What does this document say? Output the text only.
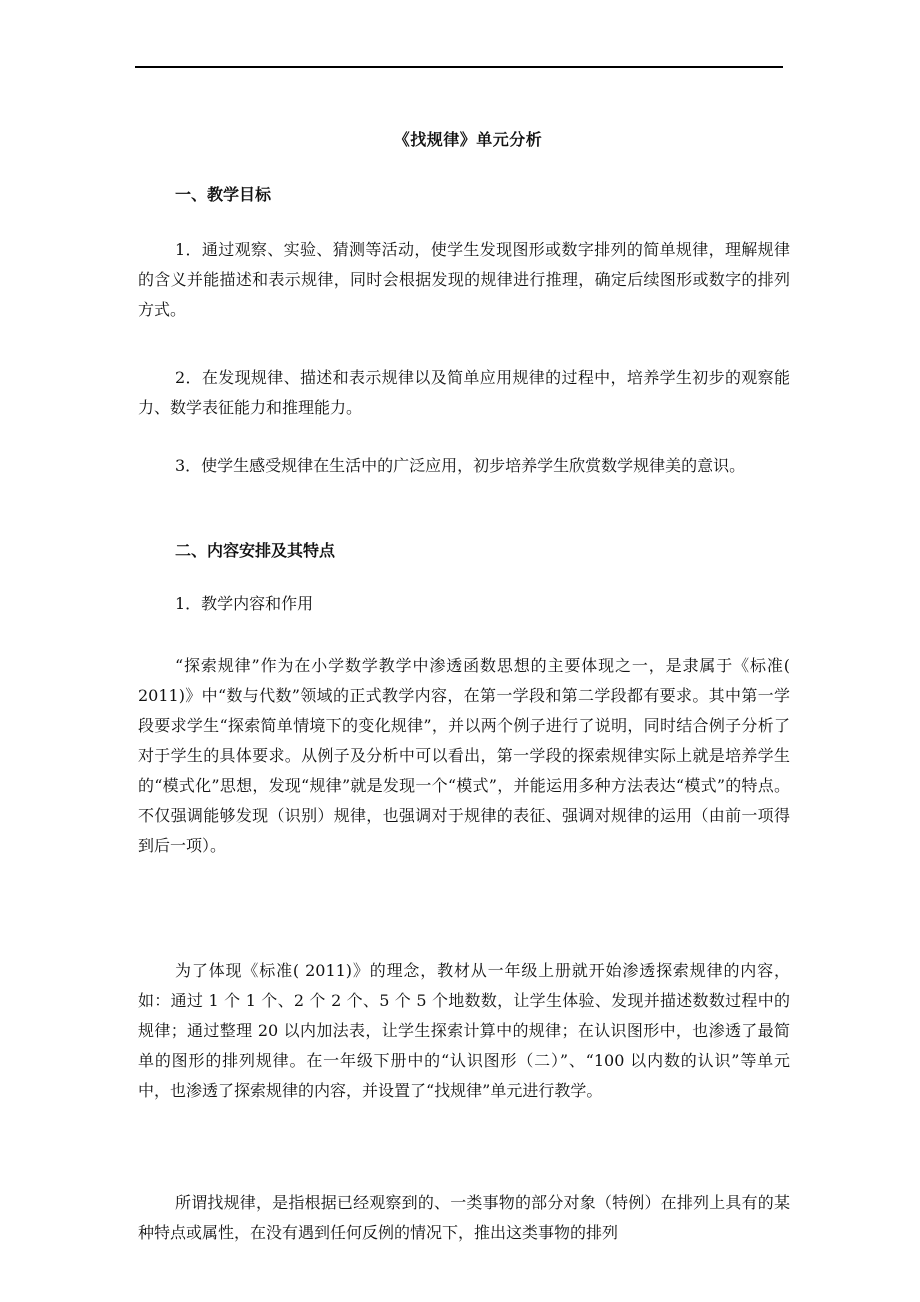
《找规律》单元分析
一、教学目标

1．通过观察、实验、猜测等活动，使学生发现图形或数字排列的简单规律，理解规律的含义并能描述和表示规律，同时会根据发现的规律进行推理，确定后续图形或数字的排列方式。

2．在发现规律、描述和表示规律以及简单应用规律的过程中，培养学生初步的观察能力、数学表征能力和推理能力。

3．使学生感受规律在生活中的广泛应用，初步培养学生欣赏数学规律美的意识。

二、内容安排及其特点
1．教学内容和作用

“探索规律”作为在小学数学教学中渗透函数思想的主要体现之一，是隶属于《标准( 2011)》中“数与代数”领域的正式教学内容，在第一学段和第二学段都有要求。其中第一学段要求学生“探索简单情境下的变化规律”，并以两个例子进行了说明，同时结合例子分析了对于学生的具体要求。从例子及分析中可以看出，第一学段的探索规律实际上就是培养学生的“模式化”思想，发现“规律”就是发现一个“模式”，并能运用多种方法表达“模式”的特点。不仅强调能够发现（识别）规律，也强调对于规律的表征、强调对规律的运用（由前一项得到后一项）。

为了体现《标准( 2011)》的理念，教材从一年级上册就开始渗透探索规律的内容，如：通过 1 个 1 个、2 个 2 个、5 个 5 个地数数，让学生体验、发现并描述数数过程中的规律；通过整理 20 以内加法表，让学生探索计算中的规律；在认识图形中，也渗透了最简单的图形的排列规律。在一年级下册中的“认识图形（二）”、“100 以内数的认识”等单元中，也渗透了探索规律的内容，并设置了“找规律”单元进行教学。

所谓找规律，是指根据已经观察到的、一类事物的部分对象（特例）在排列上具有的某种特点或属性，在没有遇到任何反例的情况下，推出这类事物的排列
